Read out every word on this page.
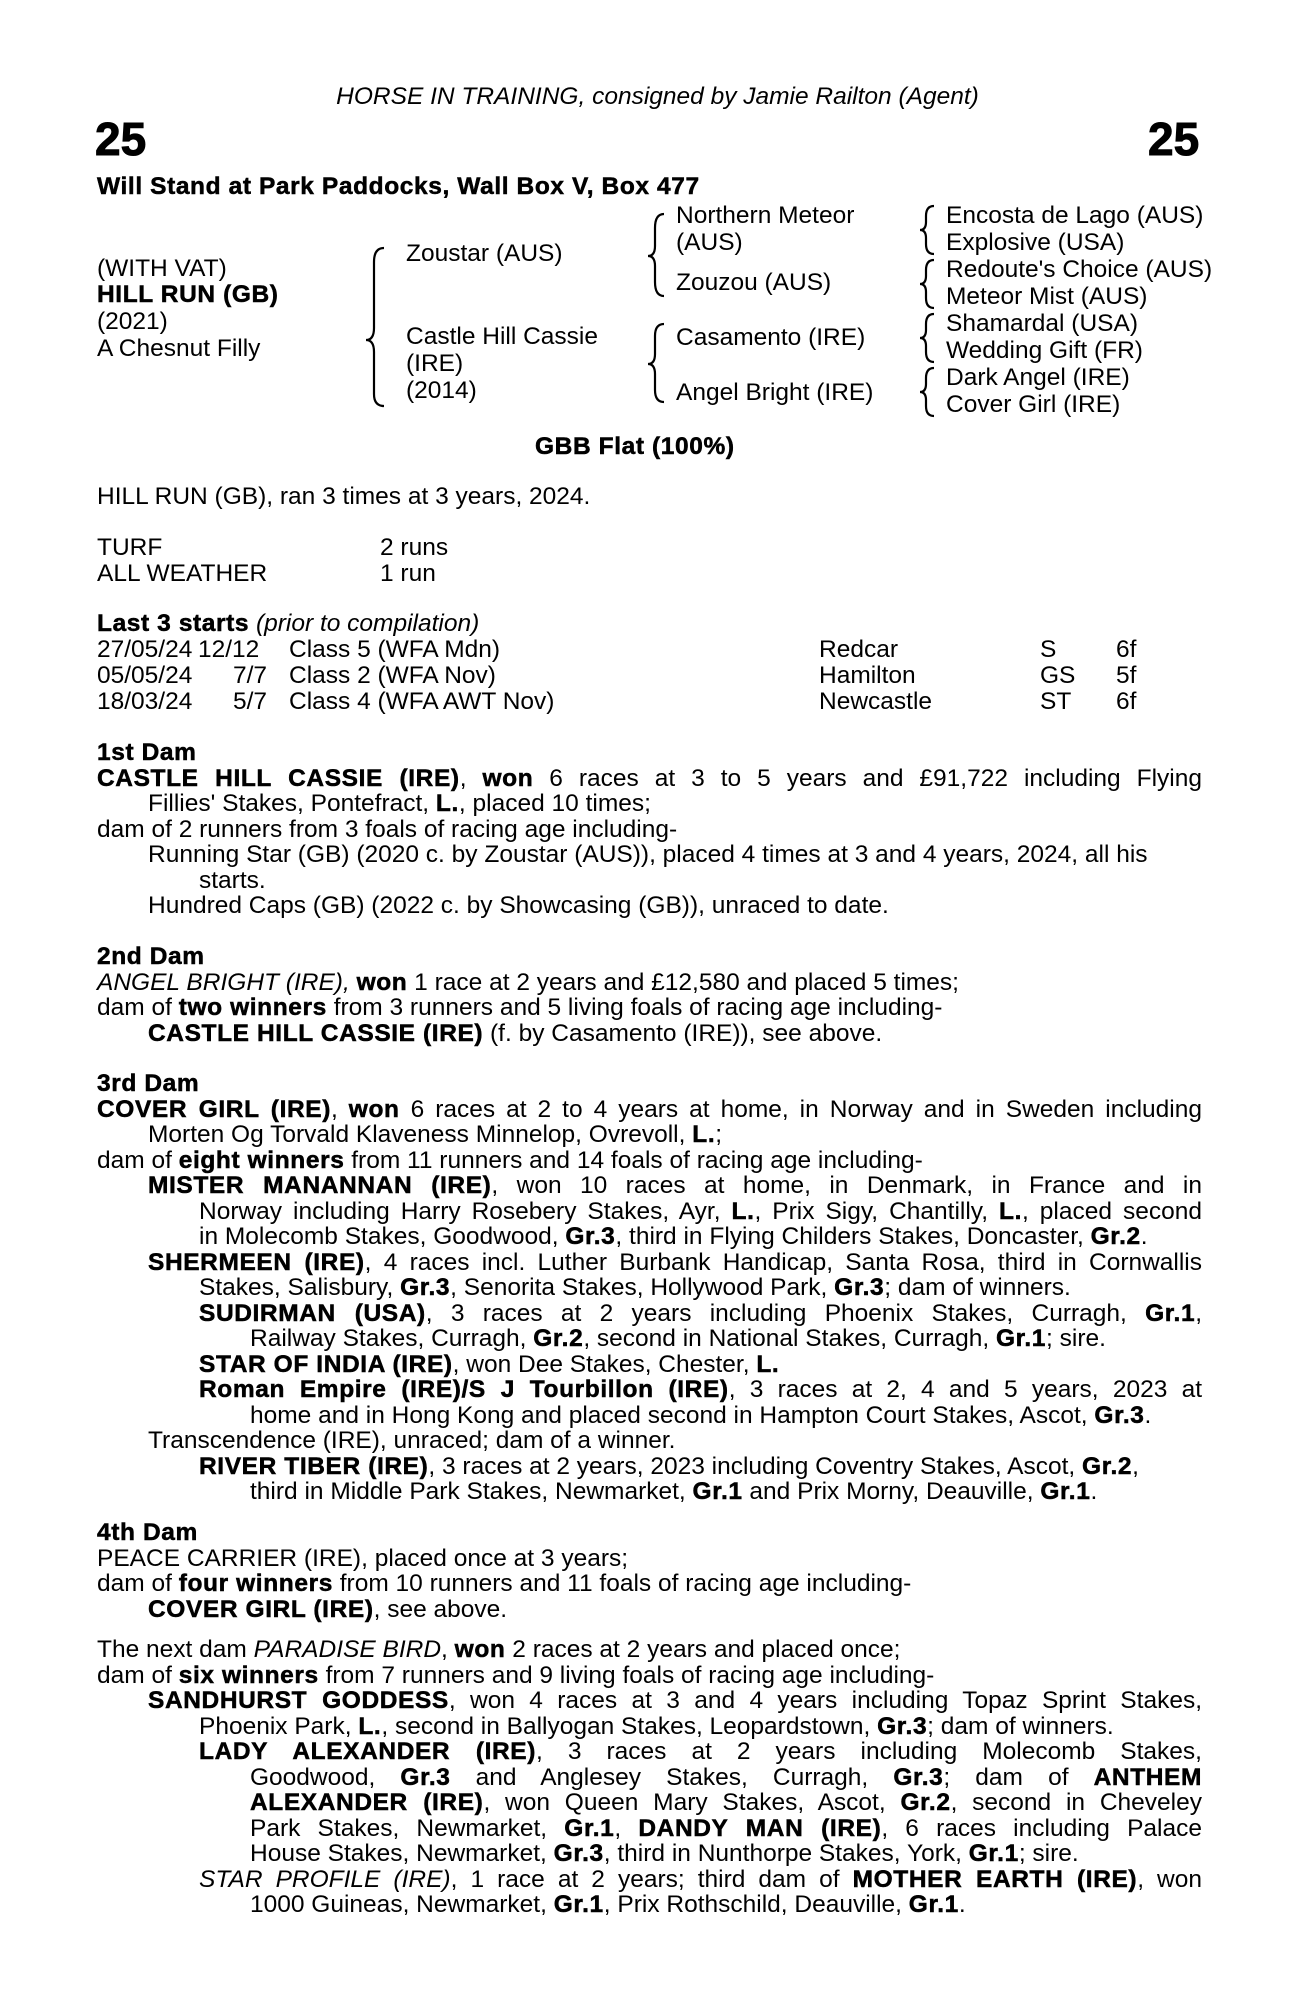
HORSE IN TRAINING, consigned by Jamie Railton (Agent)
25	25
Will Stand at Park Paddocks, Wall Box V, Box 477
(WITH VAT)
HILL RUN (GB)
(2021)
A Chesnut Filly
Zoustar (AUS)
Castle Hill Cassie
(IRE)
(2014)
Northern Meteor
(AUS)
Zouzou (AUS)
Casamento (IRE)
Angel Bright (IRE)
Encosta de Lago (AUS)
Explosive (USA)
Redoute's Choice (AUS)
Meteor Mist (AUS)
Shamardal (USA)
Wedding Gift (FR)
Dark Angel (IRE)
Cover Girl (IRE)
GBB Flat (100%)
HILL RUN (GB), ran 3 times at 3 years, 2024.
TURF	2 runs
ALL WEATHER	1 run
Last 3 starts (prior to compilation)
27/05/24 12/12 Class 5 (WFA Mdn)	Redcar	S 6f
05/05/24 7/7 Class 2 (WFA Nov)	Hamilton	GS 5f
18/03/24 5/7 Class 4 (WFA AWT Nov)	Newcastle	ST 6f
1st Dam
CASTLE HILL CASSIE (IRE), won 6 races at 3 to 5 years and £91,722 including Flying
Fillies' Stakes, Pontefract, L., placed 10 times;
dam of 2 runners from 3 foals of racing age including-
Running Star (GB) (2020 c. by Zoustar (AUS)), placed 4 times at 3 and 4 years, 2024, all his
starts.
Hundred Caps (GB) (2022 c. by Showcasing (GB)), unraced to date.
2nd Dam
ANGEL BRIGHT (IRE), won 1 race at 2 years and £12,580 and placed 5 times;
dam of two winners from 3 runners and 5 living foals of racing age including-
CASTLE HILL CASSIE (IRE) (f. by Casamento (IRE)), see above.
3rd Dam
COVER GIRL (IRE), won 6 races at 2 to 4 years at home, in Norway and in Sweden including
Morten Og Torvald Klaveness Minnelop, Ovrevoll, L.;
dam of eight winners from 11 runners and 14 foals of racing age including-
MISTER MANANNAN (IRE), won 10 races at home, in Denmark, in France and in
Norway including Harry Rosebery Stakes, Ayr, L., Prix Sigy, Chantilly, L., placed second
in Molecomb Stakes, Goodwood, Gr.3, third in Flying Childers Stakes, Doncaster, Gr.2.
SHERMEEN (IRE), 4 races incl. Luther Burbank Handicap, Santa Rosa, third in Cornwallis
Stakes, Salisbury, Gr.3, Senorita Stakes, Hollywood Park, Gr.3; dam of winners.
SUDIRMAN (USA), 3 races at 2 years including Phoenix Stakes, Curragh, Gr.1,
Railway Stakes, Curragh, Gr.2, second in National Stakes, Curragh, Gr.1; sire.
STAR OF INDIA (IRE), won Dee Stakes, Chester, L.
Roman Empire (IRE)/S J Tourbillon (IRE), 3 races at 2, 4 and 5 years, 2023 at
home and in Hong Kong and placed second in Hampton Court Stakes, Ascot, Gr.3.
Transcendence (IRE), unraced; dam of a winner.
RIVER TIBER (IRE), 3 races at 2 years, 2023 including Coventry Stakes, Ascot, Gr.2,
third in Middle Park Stakes, Newmarket, Gr.1 and Prix Morny, Deauville, Gr.1.
4th Dam
PEACE CARRIER (IRE), placed once at 3 years;
dam of four winners from 10 runners and 11 foals of racing age including-
COVER GIRL (IRE), see above.
The next dam PARADISE BIRD, won 2 races at 2 years and placed once;
dam of six winners from 7 runners and 9 living foals of racing age including-
SANDHURST GODDESS, won 4 races at 3 and 4 years including Topaz Sprint Stakes,
Phoenix Park, L., second in Ballyogan Stakes, Leopardstown, Gr.3; dam of winners.
LADY ALEXANDER (IRE), 3 races at 2 years including Molecomb Stakes,
Goodwood, Gr.3 and Anglesey Stakes, Curragh, Gr.3; dam of ANTHEM
ALEXANDER (IRE), won Queen Mary Stakes, Ascot, Gr.2, second in Cheveley
Park Stakes, Newmarket, Gr.1, DANDY MAN (IRE), 6 races including Palace
House Stakes, Newmarket, Gr.3, third in Nunthorpe Stakes, York, Gr.1; sire.
STAR PROFILE (IRE), 1 race at 2 years; third dam of MOTHER EARTH (IRE), won
1000 Guineas, Newmarket, Gr.1, Prix Rothschild, Deauville, Gr.1.
